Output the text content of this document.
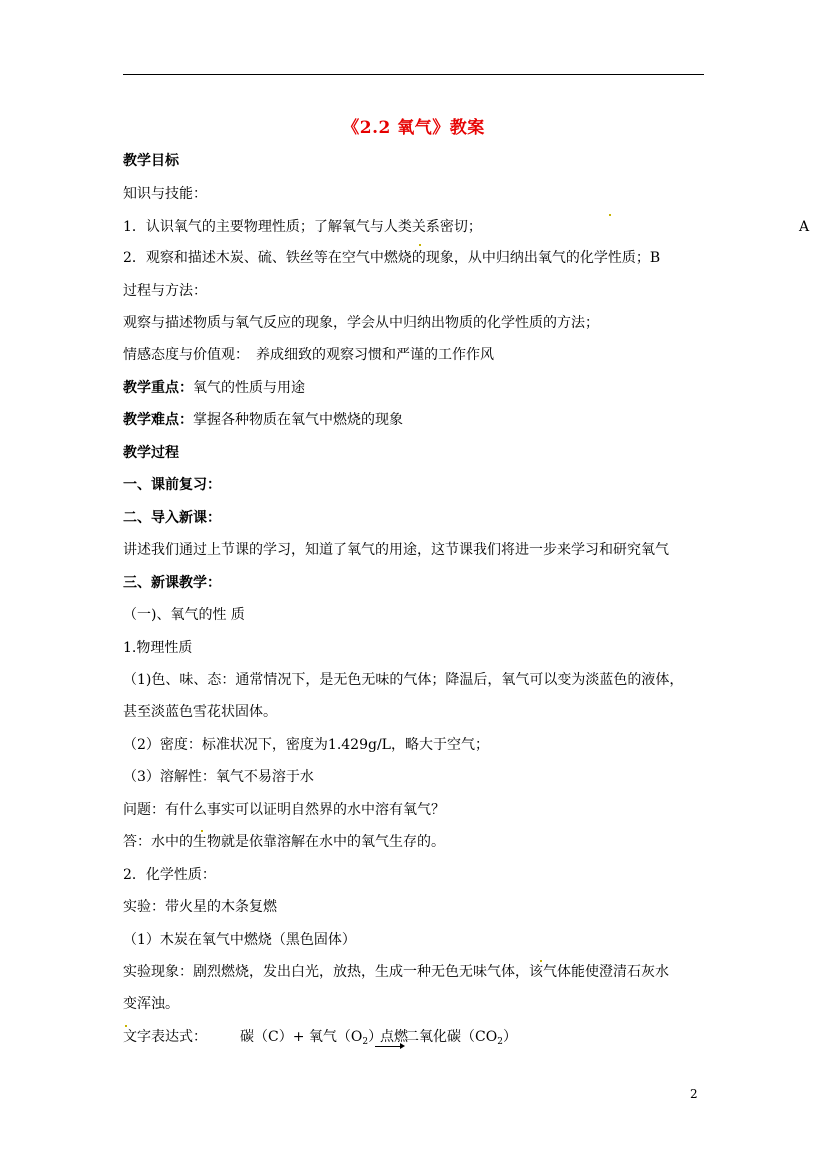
《2.2 氧气》教案
教学目标
知识与技能：
1．认识氧气的主要物理性质；了解氧气与人类关系密切；	A
2．观察和描述木炭、硫、铁丝等在空气中燃烧的现象，从中归纳出氧气的化学性质；B
过程与方法：
观察与描述物质与氧气反应的现象，学会从中归纳出物质的化学性质的方法；
情感态度与价值观：　养成细致的观察习惯和严谨的工作作风
教学重点：氧气的性质与用途
教学难点：掌握各种物质在氧气中燃烧的现象
教学过程
一、课前复习：
二、导入新课：
讲述我们通过上节课的学习，知道了氧气的用途，这节课我们将进一步来学习和研究氧气
三、新课教学：
（一)、氧气的性 质
1.物理性质
（1)色、味、态：通常情况下，是无色无味的气体；降温后，氧气可以变为淡蓝色的液体，
甚至淡蓝色雪花状固体。
（2）密度：标准状况下，密度为1.429g/L，略大于空气；
（3）溶解性：氧气不易溶于水
问题：有什么事实可以证明自然界的水中溶有氧气？
答：水中的生物就是依靠溶解在水中的氧气生存的。
2．化学性质：
实验：带火星的木条复燃
（1）木炭在氧气中燃烧（黑色固体）
实验现象：剧烈燃烧，发出白光，放热，生成一种无色无味气体，该气体能使澄清石灰水
变浑浊。
文字表达式： 碳（C）+ 氧气$(O_2)$
点燃
二氧化碳$(CO_2)$
2
